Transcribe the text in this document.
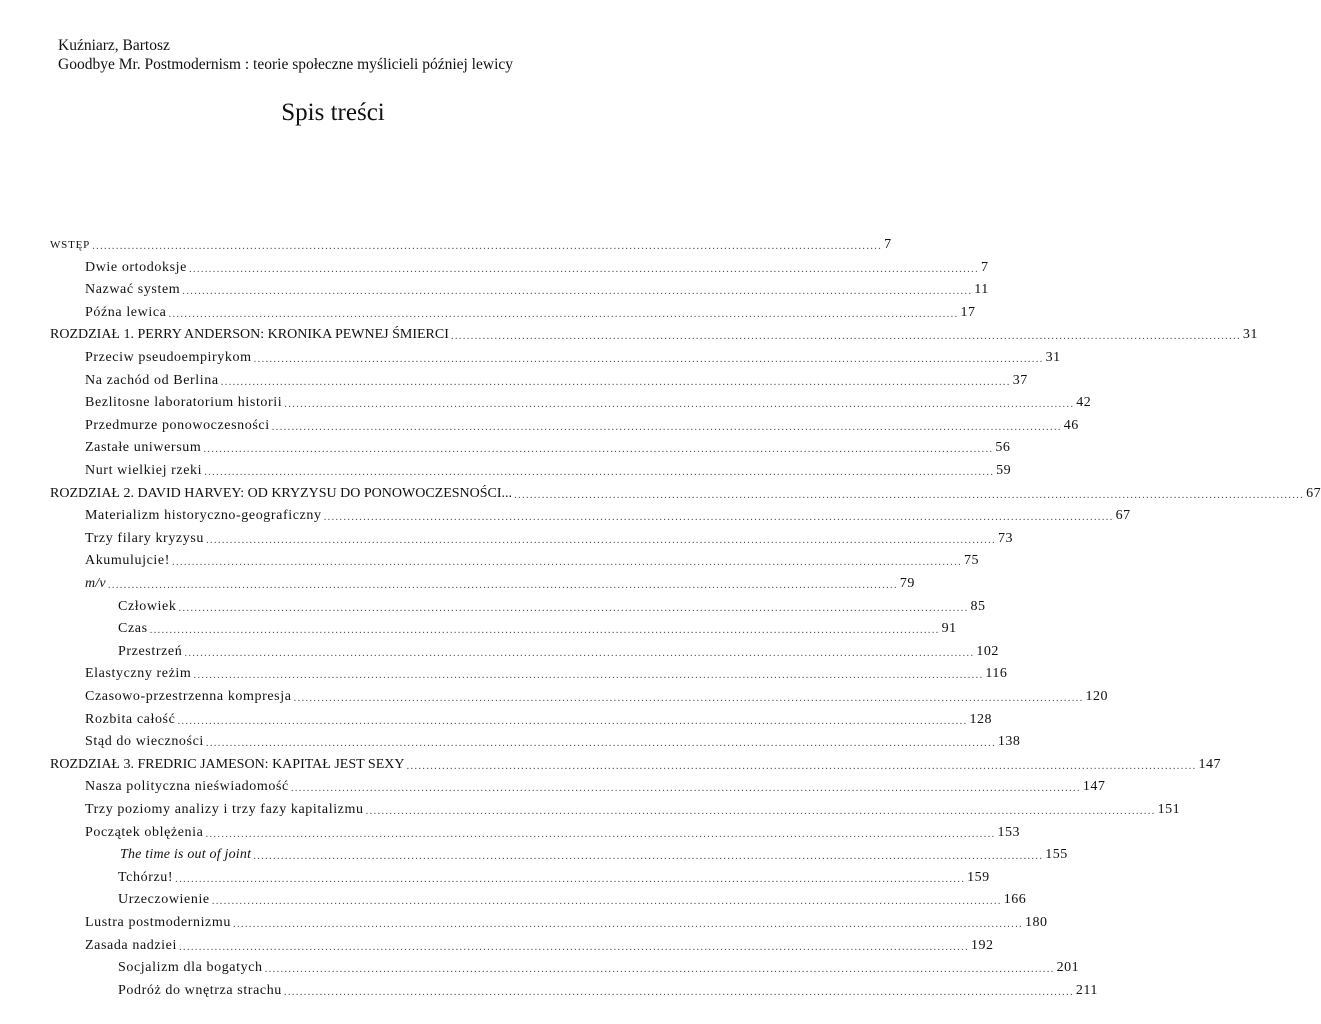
Kuźniarz, Bartosz
Goodbye Mr. Postmodernism : teorie społeczne myślicieli później lewicy
Spis treści
WSTĘP ........................................................................................................................................................................................................ 7
Dwie ortodoksje ........................................................................................................................................................................................................ 7
Nazwać system ........................................................................................................................................................................................................ 11
Późna lewica ........................................................................................................................................................................................................ 17
ROZDZIAŁ 1. PERRY ANDERSON: KRONIKA PEWNEJ ŚMIERCI ........................................................................................................................................................................................................ 31
Przeciw pseudoempirykom ........................................................................................................................................................................................................ 31
Na zachód od Berlina ........................................................................................................................................................................................................ 37
Bezlitosne laboratorium historii ........................................................................................................................................................................................................ 42
Przedmurze ponowoczesności ........................................................................................................................................................................................................ 46
Zastałe uniwersum ........................................................................................................................................................................................................ 56
Nurt wielkiej rzeki ........................................................................................................................................................................................................ 59
ROZDZIAŁ 2. DAVID HARVEY: OD KRYZYSU DO PONOWOCZESNOŚCI... ........................................................................................................................................................................................................ 67
Materializm historyczno-geograficzny ........................................................................................................................................................................................................ 67
Trzy filary kryzysu ........................................................................................................................................................................................................ 73
Akumulujcie! ........................................................................................................................................................................................................ 75
m/v ........................................................................................................................................................................................................ 79
Człowiek ........................................................................................................................................................................................................ 85
Czas ........................................................................................................................................................................................................ 91
Przestrzeń ........................................................................................................................................................................................................ 102
Elastyczny reżim ........................................................................................................................................................................................................ 116
Czasowo-przestrzenna kompresja ........................................................................................................................................................................................................ 120
Rozbita całość ........................................................................................................................................................................................................ 128
Stąd do wieczności ........................................................................................................................................................................................................ 138
ROZDZIAŁ 3. FREDRIC JAMESON: KAPITAŁ JEST SEXY ........................................................................................................................................................................................................ 147
Nasza polityczna nieświadomość ........................................................................................................................................................................................................ 147
Trzy poziomy analizy i trzy fazy kapitalizmu ........................................................................................................................................................................................................ 151
Początek oblężenia ........................................................................................................................................................................................................ 153
The time is out of joint ........................................................................................................................................................................................................ 155
Tchórzu! ........................................................................................................................................................................................................ 159
Urzeczowienie ........................................................................................................................................................................................................ 166
Lustra postmodernizmu ........................................................................................................................................................................................................ 180
Zasada nadziei ........................................................................................................................................................................................................ 192
Socjalizm dla bogatych ........................................................................................................................................................................................................ 201
Podróż do wnętrza strachu ........................................................................................................................................................................................................ 211
